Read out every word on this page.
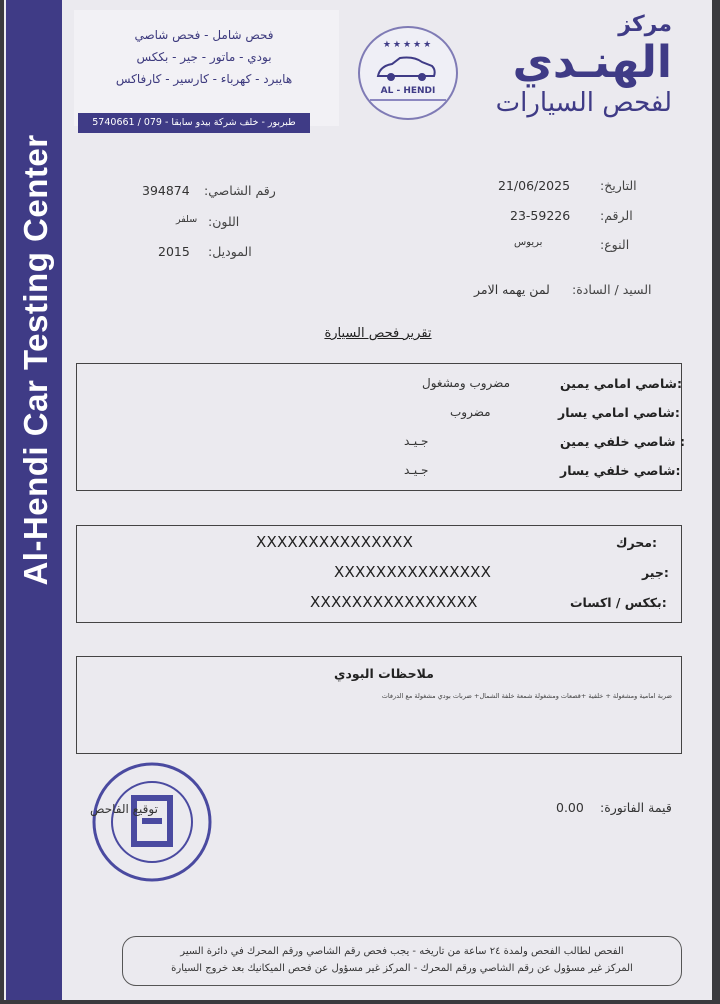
Al-Hendi Car Testing Center
فحص شامل - فحص شاصي
بودي - ماتور - جير - بككس
هايبرد - كهرباء - كارسير - كارفاكس
طبربور - خلف شركة بيدو سابقا - 079 / 5740661
★★★★★
AL - HENDI
مركز
الهنـدي
لفحص السيارات
التاريخ:
21/06/2025
الرقم:
23-59226
النوع:
بريوس
رقم الشاصي:
394874
اللون:
سلفر
الموديل:
2015
السيد / السادة:
لمن يهمه الامر
تقرير فحص السيارة
شاصي امامي يمين:
مضروب ومشغول
شاصي امامي يسار:
مضروب
شاصي خلفي يمين :
جـيـد
شاصي خلفي يسار:
جـيـد
محرك:
XXXXXXXXXXXXXXX
جير:
XXXXXXXXXXXXXXX
بككس / اكسات:
XXXXXXXXXXXXXXXX
ملاحظات البودي
ضربة امامية ومشغولة + خلفية +قصعات ومشغولة شمعة خلفة الشمال+ ضربات بودي مشغولة مع الدرفات
توقيع الفاحص	قيمة الفاتورة:
0.00
الفحص لطالب الفحص ولمدة ٢٤ ساعة من تاريخه - يجب فحص رقم الشاصي ورقم المحرك في دائرة السير
المركز غير مسؤول عن رقم الشاصي ورقم المحرك - المركز غير مسؤول عن فحص الميكانيك بعد خروج السيارة
